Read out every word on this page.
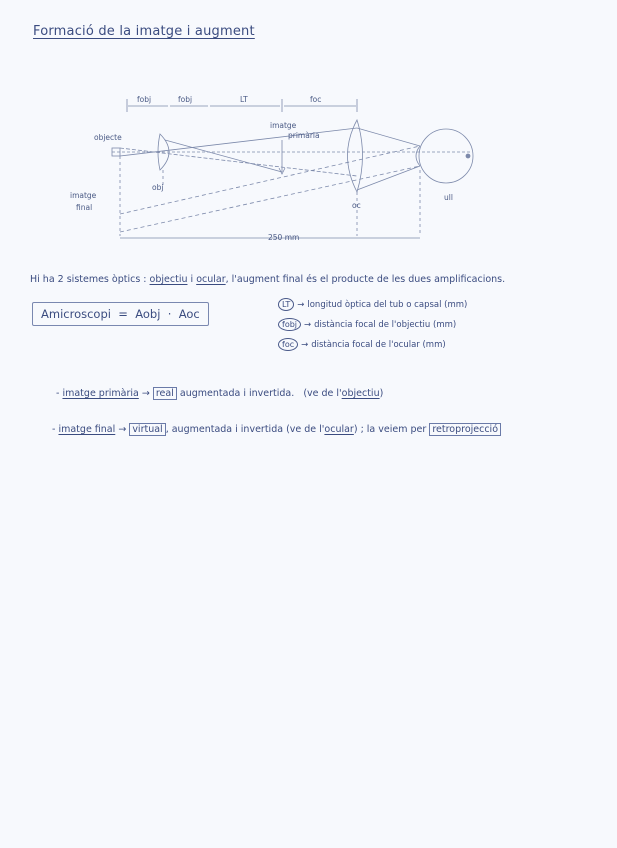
Formació de la imatge i augment
fobj	fobj	LT	foc
objecte
imatge
primària
obj
oc
ull
imatge
final
250 mm
Hi ha 2 sistemes òptics : objectiu i ocular, l'augment final és el producte de les dues amplificacions.
Amicroscopi = Aobj · Aoc
LT → longitud òptica del tub o capsal (mm)
fobj → distància focal de l'objectiu (mm)
foc → distància focal de l'ocular (mm)
- imatge primària → real augmentada i invertida. (ve de l'objectiu)
- imatge final → virtual , augmentada i invertida (ve de l'ocular) ; la veiem per retroprojecció
